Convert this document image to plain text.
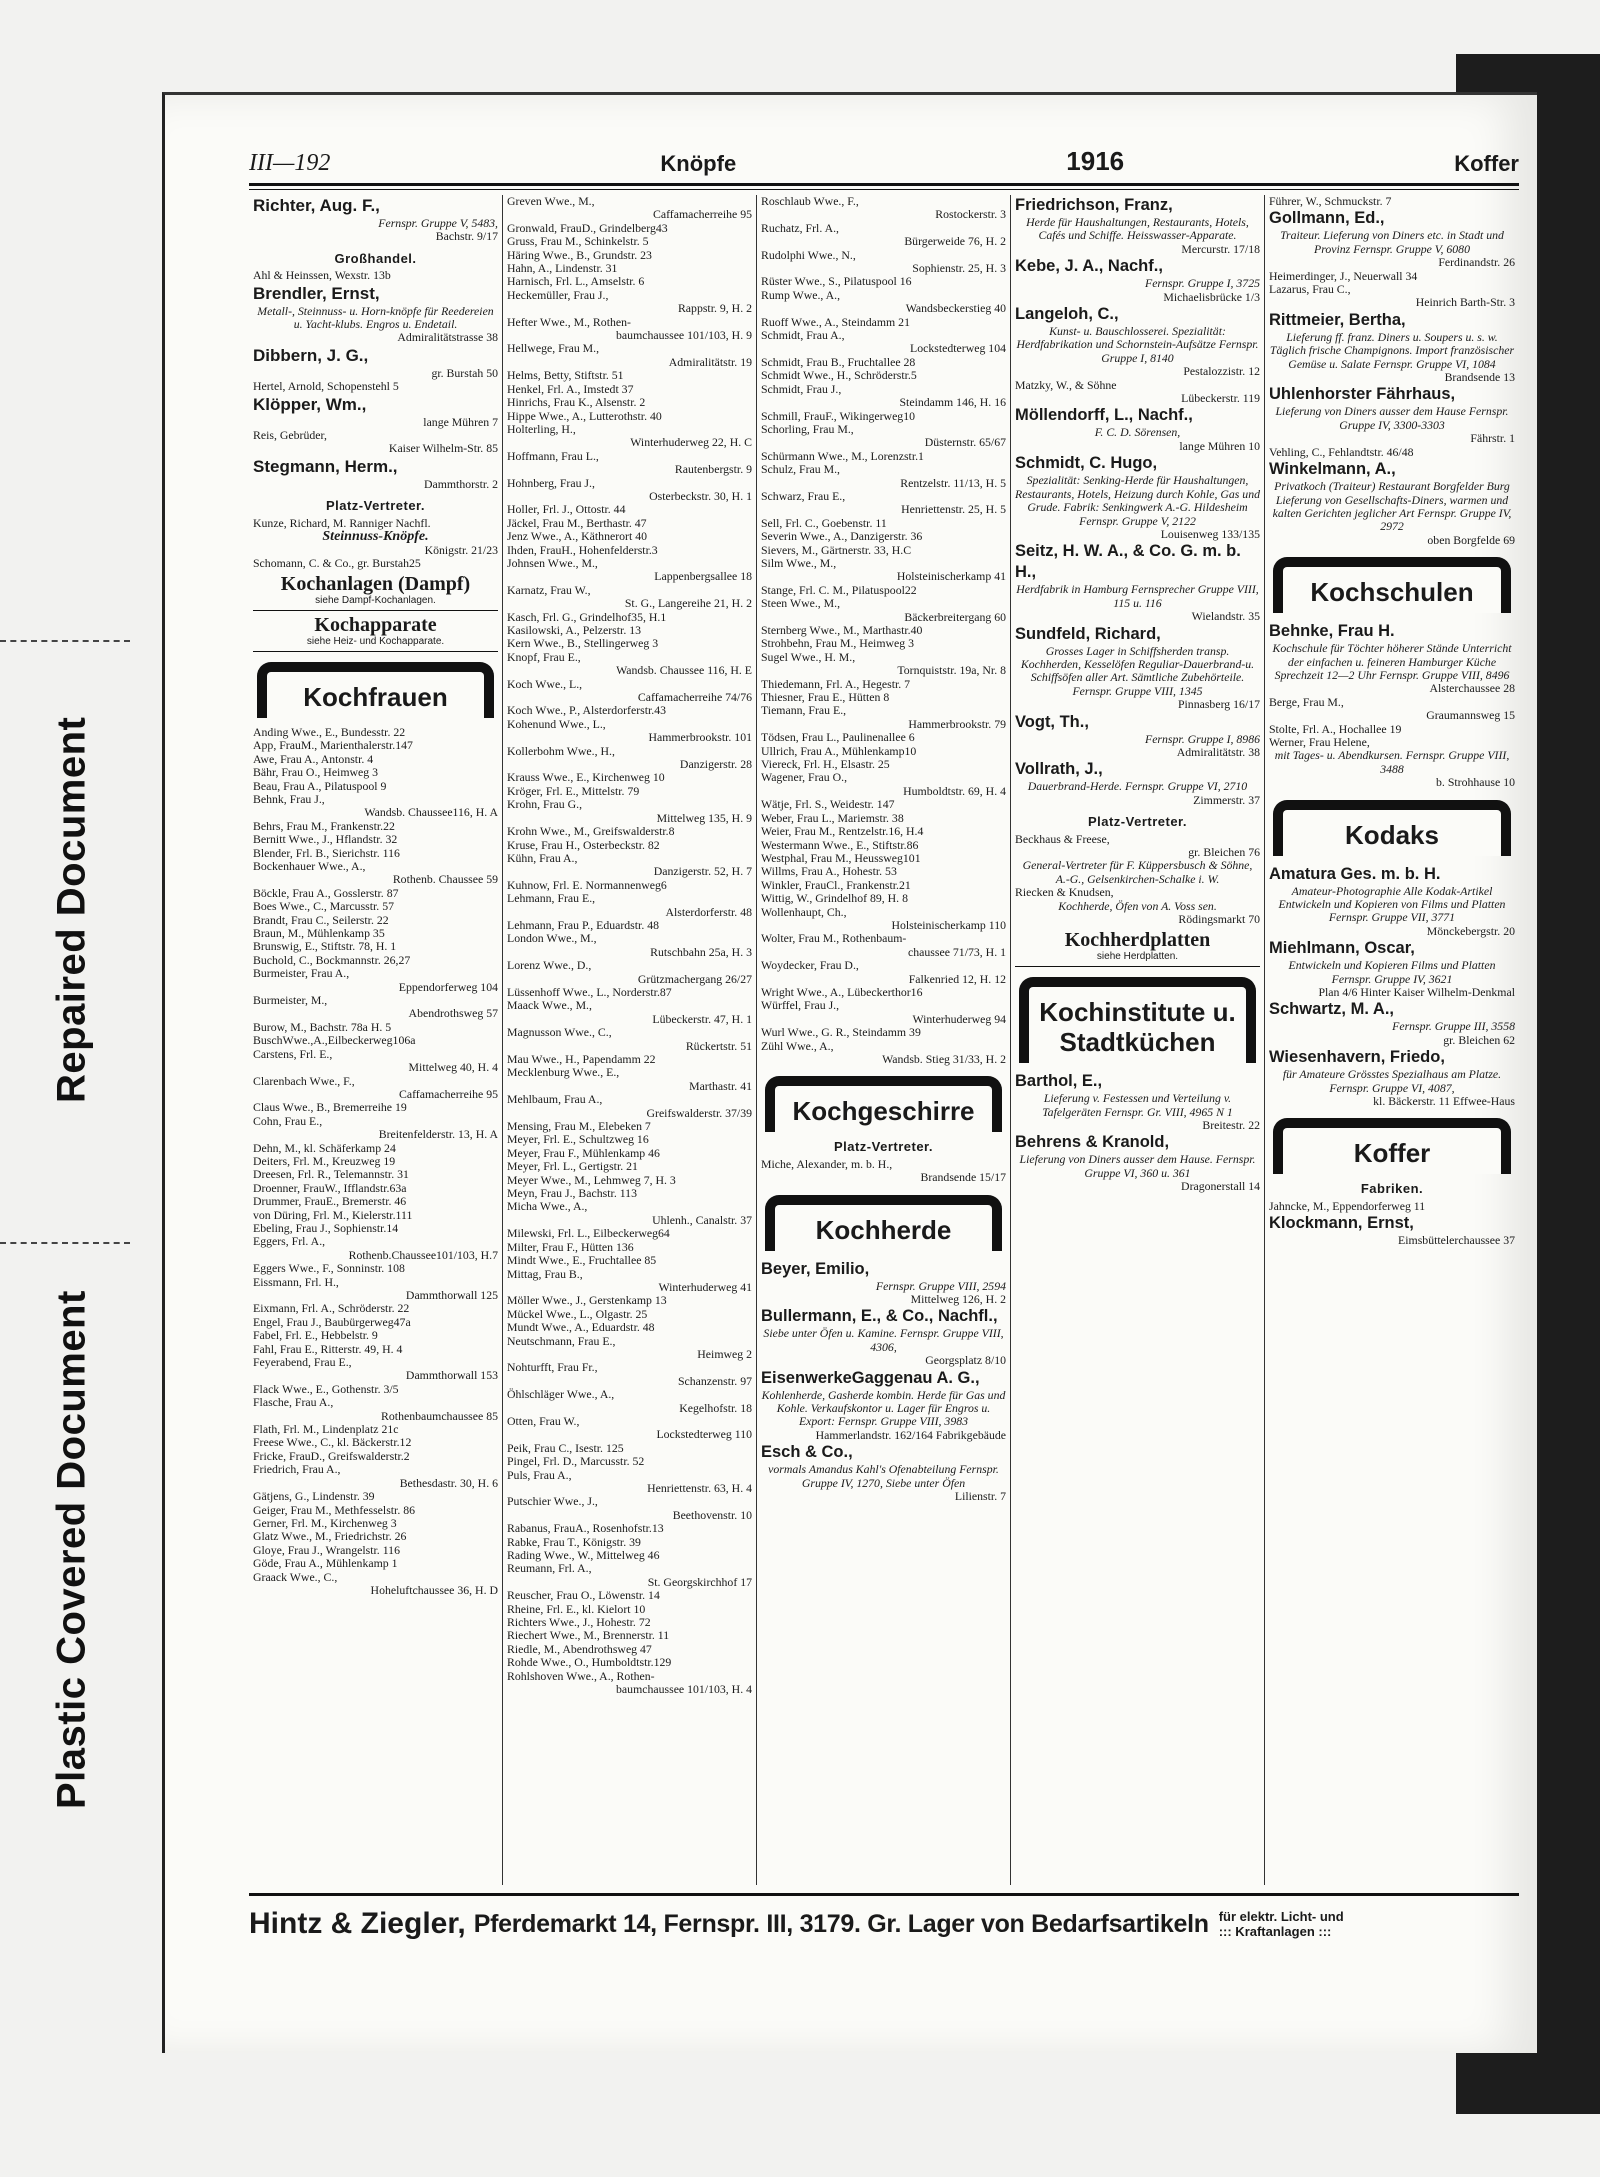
Repaired Document
Plastic Covered Document
III—192	Knöpfe	1916	Koffer
Richter, Aug. F.,
Fernspr. Gruppe V, 5483,
Bachstr. 9/17
Großhandel.
Ahl & Heinssen, Wexstr. 13b
Brendler, Ernst,
Metall-, Steinnuss- u. Horn-knöpfe für Reedereien u. Yacht-klubs. Engros u. Endetail.
Admiralitätstrasse 38
Dibbern, J. G.,
gr. Burstah 50
Hertel, Arnold, Schopenstehl 5
Klöpper, Wm.,
lange Mühren 7
Reis, Gebrüder,
Kaiser Wilhelm-Str. 85
Stegmann, Herm.,
Dammthorstr. 2
Platz-Vertreter.
Kunze, Richard, M. Ranniger Nachfl.
Steinnuss-Knöpfe.
Königstr. 21/23
Schomann, C. & Co., gr. Burstah25
Kochanlagen (Dampf)
siehe Dampf-Kochanlagen.
Kochapparate
siehe Heiz- und Kochapparate.
Kochfrauen
Anding Wwe., E., Bundesstr. 22
App, FrauM., Marienthalerstr.147
Awe, Frau A., Antonstr. 4
Bähr, Frau O., Heimweg 3
Beau, Frau A., Pilatuspool 9
Behnk, Frau J.,
Wandsb. Chaussee116, H. A
Behrs, Frau M., Frankenstr.22
Bernitt Wwe., J., Hflandstr. 32
Blender, Frl. B., Sierichstr. 116
Bockenhauer Wwe., A.,
Rothenb. Chaussee 59
Böckle, Frau A., Gosslerstr. 87
Boes Wwe., C., Marcusstr. 57
Brandt, Frau C., Seilerstr. 22
Braun, M., Mühlenkamp 35
Brunswig, E., Stiftstr. 78, H. 1
Buchold, C., Bockmannstr. 26,27
Burmeister, Frau A.,
Eppendorferweg 104
Burmeister, M.,
Abendrothsweg 57
Burow, M., Bachstr. 78a H. 5
BuschWwe.,A.,Eilbeckerweg106a
Carstens, Frl. E.,
Mittelweg 40, H. 4
Clarenbach Wwe., F.,
Caffamacherreihe 95
Claus Wwe., B., Bremerreihe 19
Cohn, Frau E.,
Breitenfelderstr. 13, H. A
Dehn, M., kl. Schäferkamp 24
Deiters, Frl. M., Kreuzweg 19
Dreesen, Frl. R., Telemannstr. 31
Droenner, FrauW., Ifflandstr.63a
Drummer, FrauE., Bremerstr. 46
von Düring, Frl. M., Kielerstr.111
Ebeling, Frau J., Sophienstr.14
Eggers, Frl. A.,
Rothenb.Chaussee101/103, H.7
Eggers Wwe., F., Sonninstr. 108
Eissmann, Frl. H.,
Dammthorwall 125
Eixmann, Frl. A., Schröderstr. 22
Engel, Frau J., Baubürgerweg47a
Fabel, Frl. E., Hebbelstr. 9
Fahl, Frau E., Ritterstr. 49, H. 4
Feyerabend, Frau E.,
Dammthorwall 153
Flack Wwe., E., Gothenstr. 3/5
Flasche, Frau A.,
Rothenbaumchaussee 85
Flath, Frl. M., Lindenplatz 21c
Freese Wwe., C., kl. Bäckerstr.12
Fricke, FrauD., Greifswalderstr.2
Friedrich, Frau A.,
Bethesdastr. 30, H. 6
Gätjens, G., Lindenstr. 39
Geiger, Frau M., Methfesselstr. 86
Gerner, Frl. M., Kirchenweg 3
Glatz Wwe., M., Friedrichstr. 26
Gloye, Frau J., Wrangelstr. 116
Göde, Frau A., Mühlenkamp 1
Graack Wwe., C.,
Hoheluftchaussee 36, H. D
Greven Wwe., M.,
Caffamacherreihe 95
Gronwald, FrauD., Grindelberg43
Gruss, Frau M., Schinkelstr. 5
Häring Wwe., B., Grundstr. 23
Hahn, A., Lindenstr. 31
Harnisch, Frl. L., Amselstr. 6
Heckemüller, Frau J.,
Rappstr. 9, H. 2
Hefter Wwe., M., Rothen-
baumchaussee 101/103, H. 9
Hellwege, Frau M.,
Admiralitätstr. 19
Helms, Betty, Stiftstr. 51
Henkel, Frl. A., Imstedt 37
Hinrichs, Frau K., Alsenstr. 2
Hippe Wwe., A., Lutterothstr. 40
Holterling, H.,
Winterhuderweg 22, H. C
Hoffmann, Frau L.,
Rautenbergstr. 9
Hohnberg, Frau J.,
Osterbeckstr. 30, H. 1
Holler, Frl. J., Ottostr. 44
Jäckel, Frau M., Berthastr. 47
Jenz Wwe., A., Käthnerort 40
Ihden, FrauH., Hohenfelderstr.3
Johnsen Wwe., M.,
Lappenbergsallee 18
Karnatz, Frau W.,
St. G., Langereihe 21, H. 2
Kasch, Frl. G., Grindelhof35, H.1
Kasilowski, A., Pelzerstr. 13
Kern Wwe., B., Stellingerweg 3
Knopf, Frau E.,
Wandsb. Chaussee 116, H. E
Koch Wwe., L.,
Caffamacherreihe 74/76
Koch Wwe., P., Alsterdorferstr.43
Kohenund Wwe., L.,
Hammerbrookstr. 101
Kollerbohm Wwe., H.,
Danzigerstr. 28
Krauss Wwe., E., Kirchenweg 10
Kröger, Frl. E., Mittelstr. 79
Krohn, Frau G.,
Mittelweg 135, H. 9
Krohn Wwe., M., Greifswalderstr.8
Kruse, Frau H., Osterbeckstr. 82
Kühn, Frau A.,
Danzigerstr. 52, H. 7
Kuhnow, Frl. E. Normannenweg6
Lehmann, Frau E.,
Alsterdorferstr. 48
Lehmann, Frau P., Eduardstr. 48
London Wwe., M.,
Rutschbahn 25a, H. 3
Lorenz Wwe., D.,
Grützmachergang 26/27
Lüssenhoff Wwe., L., Norderstr.87
Maack Wwe., M.,
Lübeckerstr. 47, H. 1
Magnusson Wwe., C.,
Rückertstr. 51
Mau Wwe., H., Papendamm 22
Mecklenburg Wwe., E.,
Marthastr. 41
Mehlbaum, Frau A.,
Greifswalderstr. 37/39
Mensing, Frau M., Elebeken 7
Meyer, Frl. E., Schultzweg 16
Meyer, Frau F., Mühlenkamp 46
Meyer, Frl. L., Gertigstr. 21
Meyer Wwe., M., Lehmweg 7, H. 3
Meyn, Frau J., Bachstr. 113
Micha Wwe., A.,
Uhlenh., Canalstr. 37
Milewski, Frl. L., Eilbeckerweg64
Milter, Frau F., Hütten 136
Mindt Wwe., E., Fruchtallee 85
Mittag, Frau B.,
Winterhuderweg 41
Möller Wwe., J., Gerstenkamp 13
Mückel Wwe., L., Olgastr. 25
Mundt Wwe., A., Eduardstr. 48
Neutschmann, Frau E.,
Heimweg 2
Nohturfft, Frau Fr.,
Schanzenstr. 97
Öhlschläger Wwe., A.,
Kegelhofstr. 18
Otten, Frau W.,
Lockstedterweg 110
Peik, Frau C., Isestr. 125
Pingel, Frl. D., Marcusstr. 52
Puls, Frau A.,
Henriettenstr. 63, H. 4
Putschier Wwe., J.,
Beethovenstr. 10
Rabanus, FrauA., Rosenhofstr.13
Rabke, Frau T., Königstr. 39
Rading Wwe., W., Mittelweg 46
Reumann, Frl. A.,
St. Georgskirchhof 17
Reuscher, Frau O., Löwenstr. 14
Rheine, Frl. E., kl. Kielort 10
Richters Wwe., J., Hohestr. 72
Riechert Wwe., M., Brennerstr. 11
Riedle, M., Abendrothsweg 47
Rohde Wwe., O., Humboldtstr.129
Rohlshoven Wwe., A., Rothen-
baumchaussee 101/103, H. 4
Roschlaub Wwe., F.,
Rostockerstr. 3
Ruchatz, Frl. A.,
Bürgerweide 76, H. 2
Rudolphi Wwe., N.,
Sophienstr. 25, H. 3
Rüster Wwe., S., Pilatuspool 16
Rump Wwe., A.,
Wandsbeckerstieg 40
Ruoff Wwe., A., Steindamm 21
Schmidt, Frau A.,
Lockstedterweg 104
Schmidt, Frau B., Fruchtallee 28
Schmidt Wwe., H., Schröderstr.5
Schmidt, Frau J.,
Steindamm 146, H. 16
Schmill, FrauF., Wikingerweg10
Schorling, Frau M.,
Düsternstr. 65/67
Schürmann Wwe., M., Lorenzstr.1
Schulz, Frau M.,
Rentzelstr. 11/13, H. 5
Schwarz, Frau E.,
Henriettenstr. 25, H. 5
Sell, Frl. C., Goebenstr. 11
Severin Wwe., A., Danzigerstr. 36
Sievers, M., Gärtnerstr. 33, H.C
Silm Wwe., M.,
Holsteinischerkamp 41
Stange, Frl. C. M., Pilatuspool22
Steen Wwe., M.,
Bäckerbreitergang 60
Sternberg Wwe., M., Marthastr.40
Strohbehn, Frau M., Heimweg 3
Sugel Wwe., H. M.,
Tornquiststr. 19a, Nr. 8
Thiedemann, Frl. A., Hegestr. 7
Thiesner, Frau E., Hütten 8
Tiemann, Frau E.,
Hammerbrookstr. 79
Tödsen, Frau L., Paulinenallee 6
Ullrich, Frau A., Mühlenkamp10
Viereck, Frl. H., Elsastr. 25
Wagener, Frau O.,
Humboldtstr. 69, H. 4
Wätje, Frl. S., Weidestr. 147
Weber, Frau L., Mariemstr. 38
Weier, Frau M., Rentzelstr.16, H.4
Westermann Wwe., E., Stiftstr.86
Westphal, Frau M., Heussweg101
Willms, Frau A., Hohestr. 53
Winkler, FrauCl., Frankenstr.21
Wittig, W., Grindelhof 89, H. 8
Wollenhaupt, Ch.,
Holsteinischerkamp 110
Wolter, Frau M., Rothenbaum-
chaussee 71/73, H. 1
Woydecker, Frau D.,
Falkenried 12, H. 12
Wright Wwe., A., Lübeckerthor16
Würffel, Frau J.,
Winterhuderweg 94
Wurl Wwe., G. R., Steindamm 39
Zühl Wwe., A.,
Wandsb. Stieg 31/33, H. 2
Kochgeschirre
Platz-Vertreter.
Miche, Alexander, m. b. H.,
Brandsende 15/17
Kochherde
Beyer, Emilio,
Fernspr. Gruppe VIII, 2594
Mittelweg 126, H. 2
Bullermann, E., & Co., Nachfl.,
Siebe unter Öfen u. Kamine. Fernspr. Gruppe VIII, 4306,
Georgsplatz 8/10
EisenwerkeGaggenau A. G.,
Kohlenherde, Gasherde kombin. Herde für Gas und Kohle. Verkaufskontor u. Lager für Engros u. Export: Fernspr. Gruppe VIII, 3983
Hammerlandstr. 162/164 Fabrikgebäude
Esch & Co.,
vormals Amandus Kahl's Ofenabteilung Fernspr. Gruppe IV, 1270, Siebe unter Öfen
Lilienstr. 7
Friedrichson, Franz,
Herde für Haushaltungen, Restaurants, Hotels, Cafés und Schiffe. Heisswasser-Apparate.
Mercurstr. 17/18
Kebe, J. A., Nachf.,
Fernspr. Gruppe I, 3725
Michaelisbrücke 1/3
Langeloh, C.,
Kunst- u. Bauschlosserei. Spezialität: Herdfabrikation und Schornstein-Aufsätze Fernspr. Gruppe I, 8140
Pestalozzistr. 12
Matzky, W., & Söhne
Lübeckerstr. 119
Möllendorff, L., Nachf.,
F. C. D. Sörensen,
lange Mühren 10
Schmidt, C. Hugo,
Spezialität: Senking-Herde für Haushaltungen, Restaurants, Hotels, Heizung durch Kohle, Gas und Grude. Fabrik: Senkingwerk A.-G. Hildesheim Fernspr. Gruppe V, 2122
Louisenweg 133/135
Seitz, H. W. A., & Co. G. m. b. H.,
Herdfabrik in Hamburg Fernsprecher Gruppe VIII, 115 u. 116
Wielandstr. 35
Sundfeld, Richard,
Grosses Lager in Schiffsherden transp. Kochherden, Kesselöfen Reguliar-Dauerbrand-u. Schiffsöfen aller Art. Sämtliche Zubehörteile. Fernspr. Gruppe VIII, 1345
Pinnasberg 16/17
Vogt, Th.,
Fernspr. Gruppe I, 8986
Admiralitätstr. 38
Vollrath, J.,
Dauerbrand-Herde. Fernspr. Gruppe VI, 2710
Zimmerstr. 37
Platz-Vertreter.
Beckhaus & Freese,
gr. Bleichen 76
General-Vertreter für F. Küppersbusch & Söhne, A.-G., Gelsenkirchen-Schalke i. W.
Riecken & Knudsen,
Kochherde, Öfen von A. Voss sen.
Rödingsmarkt 70
Kochherdplatten
siehe Herdplatten.
Kochinstitute u. Stadtküchen
Barthol, E.,
Lieferung v. Festessen und Verteilung v. Tafelgeräten Fernspr. Gr. VIII, 4965 N 1
Breitestr. 22
Behrens & Kranold,
Lieferung von Diners ausser dem Hause. Fernspr. Gruppe VI, 360 u. 361
Dragonerstall 14
Führer, W., Schmuckstr. 7
Gollmann, Ed.,
Traiteur. Lieferung von Diners etc. in Stadt und Provinz Fernspr. Gruppe V, 6080
Ferdinandstr. 26
Heimerdinger, J., Neuerwall 34
Lazarus, Frau C.,
Heinrich Barth-Str. 3
Rittmeier, Bertha,
Lieferung ff. franz. Diners u. Soupers u. s. w. Täglich frische Champignons. Import französischer Gemüse u. Salate Fernspr. Gruppe VI, 1084
Brandsende 13
Uhlenhorster Fährhaus,
Lieferung von Diners ausser dem Hause Fernspr. Gruppe IV, 3300-3303
Fährstr. 1
Vehling, C., Fehlandtstr. 46/48
Winkelmann, A.,
Privatkoch (Traiteur) Restaurant Borgfelder Burg Lieferung von Gesellschafts-Diners, warmen und kalten Gerichten jeglicher Art Fernspr. Gruppe IV, 2972
oben Borgfelde 69
Kochschulen
Behnke, Frau H.
Kochschule für Töchter höherer Stände Unterricht der einfachen u. feineren Hamburger Küche Sprechzeit 12—2 Uhr Fernspr. Gruppe VIII, 8496
Alsterchaussee 28
Berge, Frau M.,
Graumannsweg 15
Stolte, Frl. A., Hochallee 19
Werner, Frau Helene,
mit Tages- u. Abendkursen. Fernspr. Gruppe VIII, 3488
b. Strohhause 10
Kodaks
Amatura Ges. m. b. H.
Amateur-Photographie Alle Kodak-Artikel Entwickeln und Kopieren von Films und Platten Fernspr. Gruppe VII, 3771
Mönckebergstr. 20
Miehlmann, Oscar,
Entwickeln und Kopieren Films und Platten Fernspr. Gruppe IV, 3621
Plan 4/6 Hinter Kaiser Wilhelm-Denkmal
Schwartz, M. A.,
Fernspr. Gruppe III, 3558
gr. Bleichen 62
Wiesenhavern, Friedo,
für Amateure Grösstes Spezialhaus am Platze. Fernspr. Gruppe VI, 4087,
kl. Bäckerstr. 11 Effwee-Haus
Koffer
Fabriken.
Jahncke, M., Eppendorferweg 11
Klockmann, Ernst,
Eimsbüttelerchaussee 37
Hintz & Ziegler, Pferdemarkt 14, Fernspr. III, 3179. Gr. Lager von Bedarfsartikeln für elektr. Licht- und
::: Kraftanlagen :::
